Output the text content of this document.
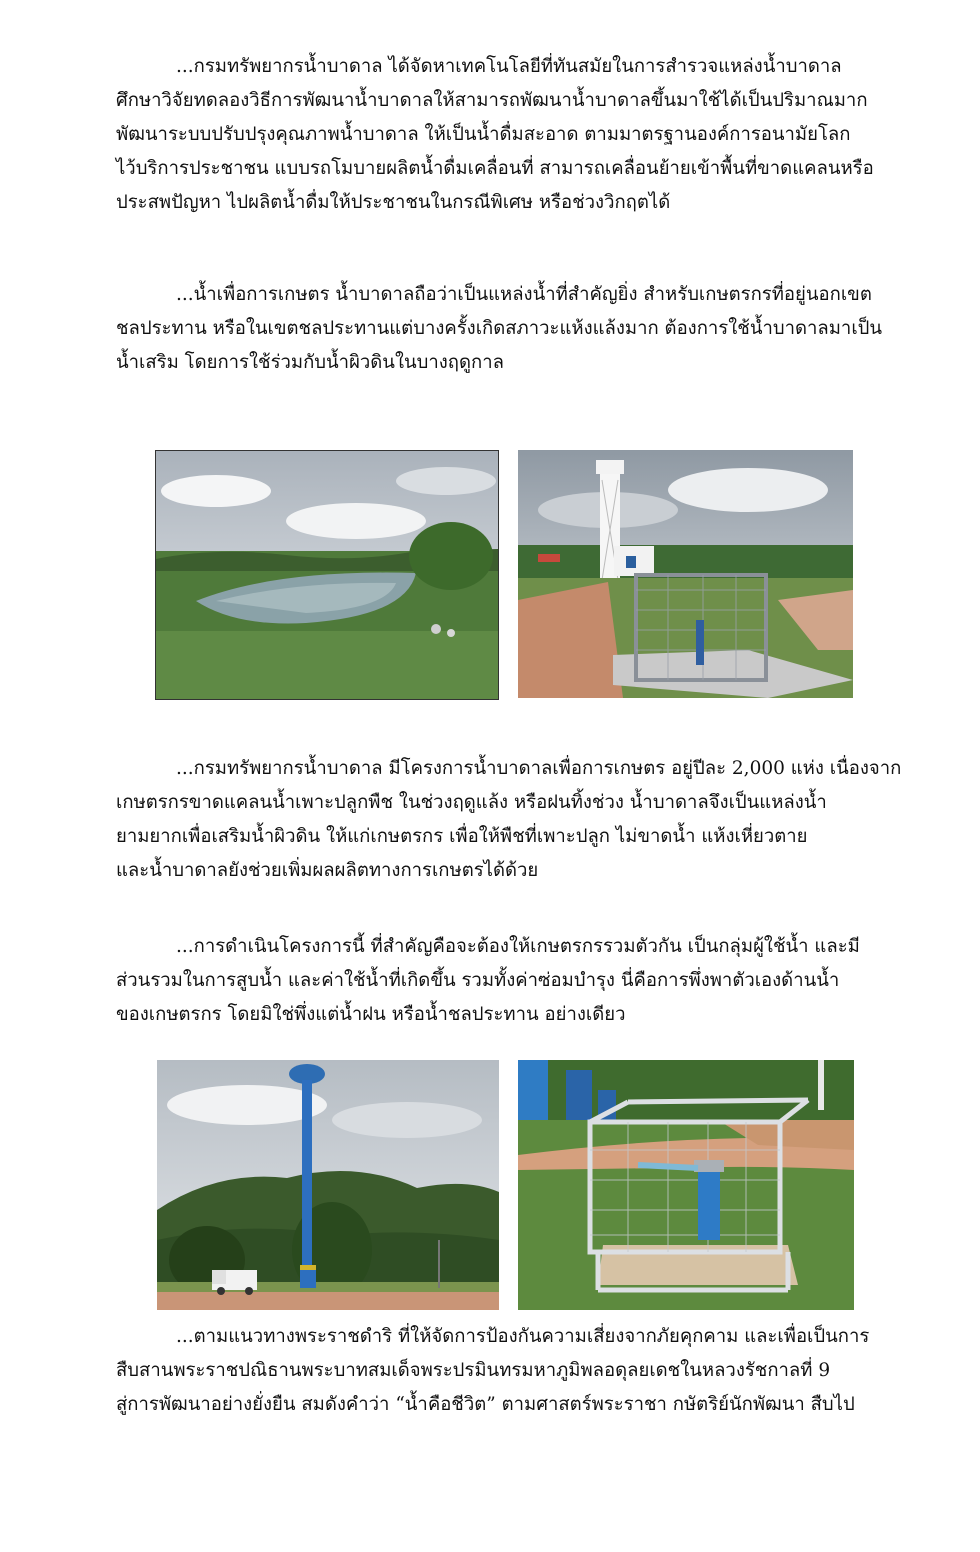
...กรมทรัพยากรน้ำบาดาล ได้จัดหาเทคโนโลยีที่ทันสมัยในการสำรวจแหล่งน้ำบาดาล
ศึกษาวิจัยทดลองวิธีการพัฒนาน้ำบาดาลให้สามารถพัฒนาน้ำบาดาลขึ้นมาใช้ได้เป็นปริมาณมาก
พัฒนาระบบปรับปรุงคุณภาพน้ำบาดาล ให้เป็นน้ำดื่มสะอาด ตามมาตรฐานองค์การอนามัยโลก
ไว้บริการประชาชน แบบรถโมบายผลิตน้ำดื่มเคลื่อนที่ สามารถเคลื่อนย้ายเข้าพื้นที่ขาดแคลนหรือ
ประสพปัญหา ไปผลิตน้ำดื่มให้ประชาชนในกรณีพิเศษ หรือช่วงวิกฤตได้
...น้ำเพื่อการเกษตร น้ำบาดาลถือว่าเป็นแหล่งน้ำที่สำคัญยิ่ง สำหรับเกษตรกรที่อยู่นอกเขต
ชลประทาน หรือในเขตชลประทานแต่บางครั้งเกิดสภาวะแห้งแล้งมาก ต้องการใช้น้ำบาดาลมาเป็น
น้ำเสริม โดยการใช้ร่วมกับน้ำผิวดินในบางฤดูกาล
...กรมทรัพยากรน้ำบาดาล มีโครงการน้ำบาดาลเพื่อการเกษตร อยู่ปีละ 2,000 แห่ง เนื่องจาก
เกษตรกรขาดแคลนน้ำเพาะปลูกพืช ในช่วงฤดูแล้ง หรือฝนทิ้งช่วง น้ำบาดาลจึงเป็นแหล่งน้ำ
ยามยากเพื่อเสริมน้ำผิวดิน ให้แก่เกษตรกร เพื่อให้พืชที่เพาะปลูก ไม่ขาดน้ำ แห้งเหี่ยวตาย
และน้ำบาดาลยังช่วยเพิ่มผลผลิตทางการเกษตรได้ด้วย
...การดำเนินโครงการนี้ ที่สำคัญคือจะต้องให้เกษตรกรรวมตัวกัน เป็นกลุ่มผู้ใช้น้ำ และมี
ส่วนรวมในการสูบน้ำ และค่าใช้น้ำที่เกิดขึ้น รวมทั้งค่าซ่อมบำรุง นี่คือการพึ่งพาตัวเองด้านน้ำ
ของเกษตรกร โดยมิใช่พึ่งแต่น้ำฝน หรือน้ำชลประทาน อย่างเดียว
...ตามแนวทางพระราชดำริ ที่ให้จัดการป้องกันความเสี่ยงจากภัยคุกคาม และเพื่อเป็นการ
สืบสานพระราชปณิธานพระบาทสมเด็จพระปรมินทรมหาภูมิพลอดุลยเดชในหลวงรัชกาลที่ 9
สู่การพัฒนาอย่างยั่งยืน สมดังคำว่า “น้ำคือชีวิต” ตามศาสตร์พระราชา กษัตริย์นักพัฒนา สืบไป
